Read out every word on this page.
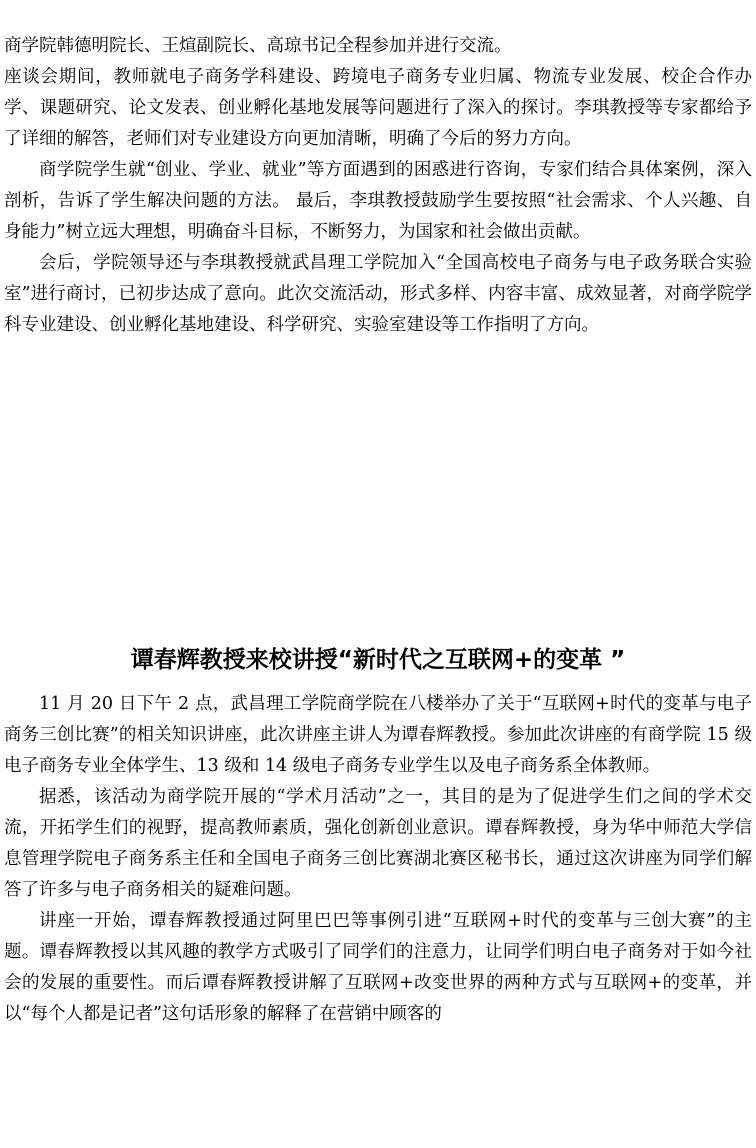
商学院韩德明院长、王煊副院长、高琼书记全程参加并进行交流。

座谈会期间，教师就电子商务学科建设、跨境电子商务专业归属、物流专业发展、校企合作办学、课题研究、论文发表、创业孵化基地发展等问题进行了深入的探讨。李琪教授等专家都给予了详细的解答，老师们对专业建设方向更加清晰，明确了今后的努力方向。

商学院学生就“创业、学业、就业”等方面遇到的困惑进行咨询，专家们结合具体案例，深入剖析，告诉了学生解决问题的方法。 最后，李琪教授鼓励学生要按照“社会需求、个人兴趣、自身能力”树立远大理想，明确奋斗目标，不断努力，为国家和社会做出贡献。

会后，学院领导还与李琪教授就武昌理工学院加入“全国高校电子商务与电子政务联合实验室”进行商讨，已初步达成了意向。此次交流活动，形式多样、内容丰富、成效显著，对商学院学科专业建设、创业孵化基地建设、科学研究、实验室建设等工作指明了方向。

谭春辉教授来校讲授“新时代之互联网+的变革 ”

11 月 20 日下午 2 点，武昌理工学院商学院在八楼举办了关于“互联网+时代的变革与电子商务三创比赛”的相关知识讲座，此次讲座主讲人为谭春辉教授。参加此次讲座的有商学院 15 级电子商务专业全体学生、13 级和 14 级电子商务专业学生以及电子商务系全体教师。

据悉，该活动为商学院开展的“学术月活动”之一，其目的是为了促进学生们之间的学术交流，开拓学生们的视野，提高教师素质，强化创新创业意识。谭春辉教授，身为华中师范大学信息管理学院电子商务系主任和全国电子商务三创比赛湖北赛区秘书长，通过这次讲座为同学们解答了许多与电子商务相关的疑难问题。

讲座一开始，谭春辉教授通过阿里巴巴等事例引进“互联网+时代的变革与三创大赛”的主题。谭春辉教授以其风趣的教学方式吸引了同学们的注意力，让同学们明白电子商务对于如今社会的发展的重要性。而后谭春辉教授讲解了互联网+改变世界的两种方式与互联网+的变革，并以“每个人都是记者”这句话形象的解释了在营销中顾客的
